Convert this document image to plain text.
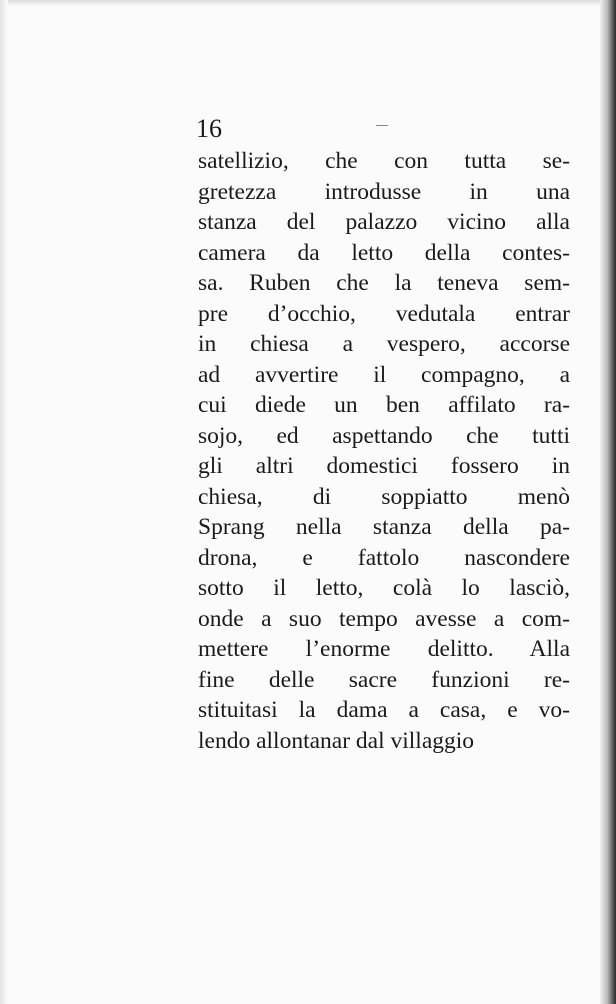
16
satellizio, che con tutta se-
gretezza introdusse in una
stanza del palazzo vicino alla
camera da letto della contes-
sa. Ruben che la teneva sem-
pre d’occhio, vedutala entrar
in chiesa a vespero, accorse
ad avvertire il compagno, a
cui diede un ben affilato ra-
sojo, ed aspettando che tutti
gli altri domestici fossero in
chiesa, di soppiatto menò
Sprang nella stanza della pa-
drona, e fattolo nascondere
sotto il letto, colà lo lasciò,
onde a suo tempo avesse a com-
mettere l’enorme delitto. Alla
fine delle sacre funzioni re-
stituitasi la dama a casa, e vo-
lendo allontanar dal villaggio
